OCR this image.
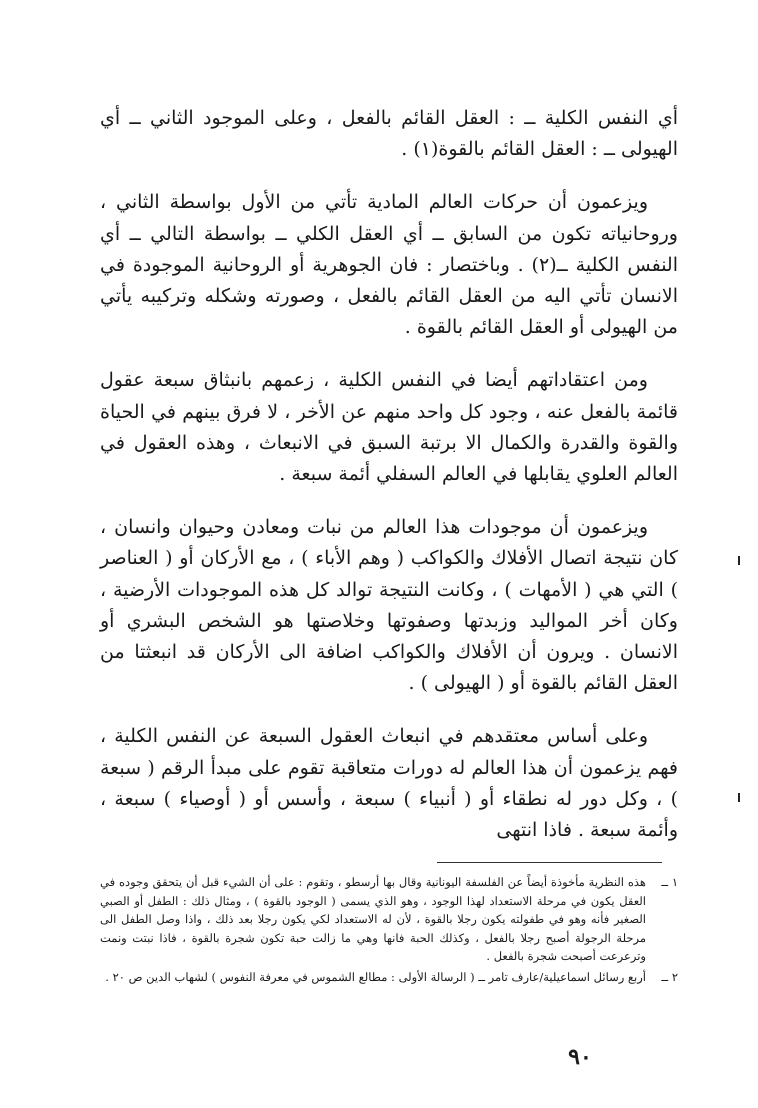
أي النفس الكلية ــ : العقل القائم بالفعل ، وعلى الموجود الثاني ــ أي الهيولى ــ : العقل القائم بالقوة(١) .

ويزعمون أن حركات العالم المادية تأتي من الأول بواسطة الثاني ، وروحانياته تكون من السابق ــ أي العقل الكلي ــ بواسطة التالي ــ أي النفس الكلية ــ(٢) . وباختصار : فان الجوهرية أو الروحانية الموجودة في الانسان تأتي اليه من العقل القائم بالفعل ، وصورته وشكله وتركيبه يأتي من الهيولى أو العقل القائم بالقوة .

ومن اعتقاداتهم أيضا في النفس الكلية ، زعمهم بانبثاق سبعة عقول قائمة بالفعل عنه ، وجود كل واحد منهم عن الأخر ، لا فرق بينهم في الحياة والقوة والقدرة والكمال الا برتبة السبق في الانبعاث ، وهذه العقول في العالم العلوي يقابلها في العالم السفلي أئمة سبعة .

ويزعمون أن موجودات هذا العالم من نبات ومعادن وحيوان وانسان ، كان نتيجة اتصال الأفلاك والكواكب ( وهم الأباء ) ، مع الأركان أو ( العناصر ) التي هي ( الأمهات ) ، وكانت النتيجة توالد كل هذه الموجودات الأرضية ، وكان أخر المواليد وزبدتها وصفوتها وخلاصتها هو الشخص البشري أو الانسان . ويرون أن الأفلاك والكواكب اضافة الى الأركان قد انبعثتا من العقل القائم بالقوة أو ( الهيولى ) .

وعلى أساس معتقدهم في انبعاث العقول السبعة عن النفس الكلية ، فهم يزعمون أن هذا العالم له دورات متعاقبة تقوم على مبدأ الرقم ( سبعة ) ، وكل دور له نطقاء أو ( أنبياء ) سبعة ، وأسس أو ( أوصياء ) سبعة ، وأئمة سبعة . فاذا انتهى

١ ــ
هذه النظرية مأخوذة أيضاً عن الفلسفة اليونانية وقال بها أرسطو ، وتقوم : على أن الشيء قبل أن يتحقق وجوده في العقل يكون في مرحلة الاستعداد لهذا الوجود ، وهو الذي يسمى ( الوجود بالقوة ) ، ومثال ذلك : الطفل أو الصبي الصغير فأنه وهو في طفولته يكون رجلا بالقوة ، لأن له الاستعداد لكي يكون رجلا بعد ذلك ، واذا وصل الطفل الى مرحلة الرجولة أصبح رجلا بالفعل ، وكذلك الحبة فانها وهي ما زالت حبة تكون شجرة بالقوة ، فاذا نبتت ونمت وترعرعت أصبحت شجرة بالفعل .
٢ ــ
أربع رسائل اسماعيلية/عارف تامر ــ ( الرسالة الأولى : مطالع الشموس في معرفة النفوس ) لشهاب الدين ص ٢٠ .
٩٠
